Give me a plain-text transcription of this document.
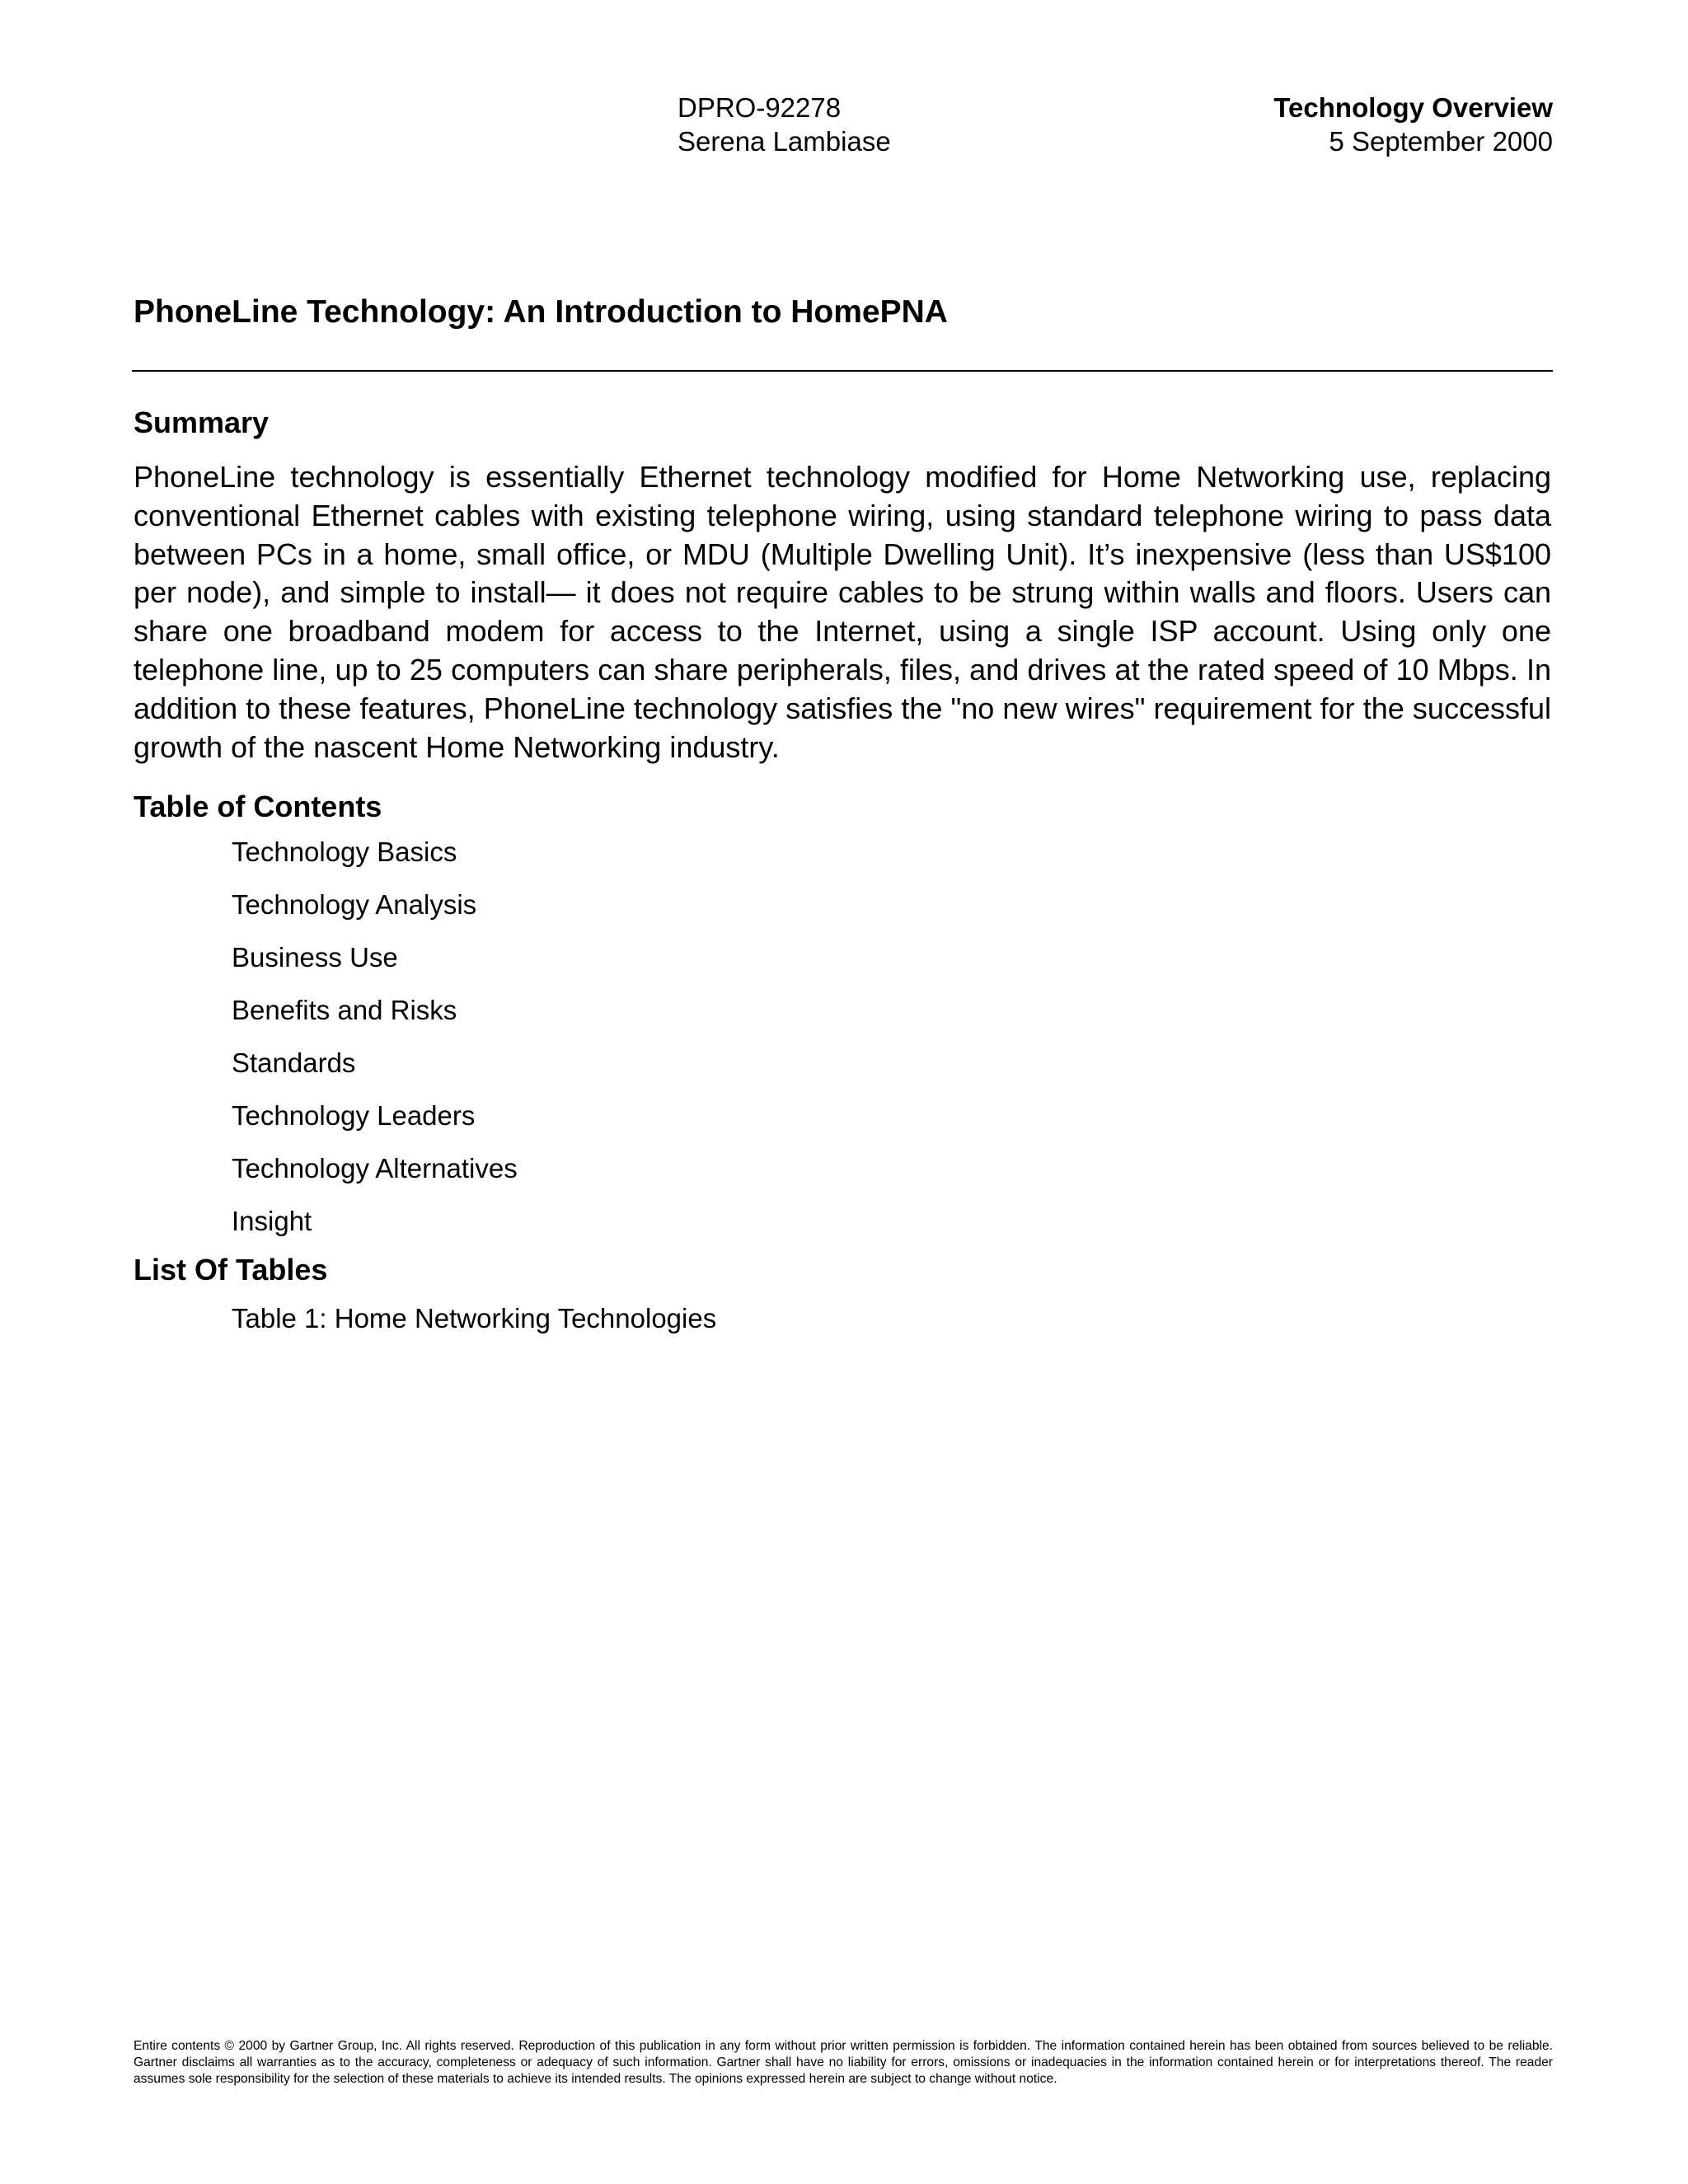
DPRO-92278
Serena Lambiase
Technology Overview
5 September 2000
PhoneLine Technology: An Introduction to HomePNA
Summary

PhoneLine technology is essentially Ethernet technology modified for Home Networking use, replacing conventional Ethernet cables with existing telephone wiring, using standard telephone wiring to pass data between PCs in a home, small office, or MDU (Multiple Dwelling Unit). It’s inexpensive (less than US$100 per node), and simple to install— it does not require cables to be strung within walls and floors. Users can share one broadband modem for access to the Internet, using a single ISP account. Using only one telephone line, up to 25 computers can share peripherals, files, and drives at the rated speed of 10 Mbps. In addition to these features, PhoneLine technology satisfies the "no new wires" requirement for the successful growth of the nascent Home Networking industry.

Table of Contents
Technology Basics
Technology Analysis
Business Use
Benefits and Risks
Standards
Technology Leaders
Technology Alternatives
Insight
List Of Tables
Table 1: Home Networking Technologies
Entire contents © 2000 by Gartner Group, Inc. All rights reserved. Reproduction of this publication in any form without prior written permission is forbidden. The information contained herein has been obtained from sources believed to be reliable. Gartner disclaims all warranties as to the accuracy, completeness or adequacy of such information. Gartner shall have no liability for errors, omissions or inadequacies in the information contained herein or for interpretations thereof. The reader assumes sole responsibility for the selection of these materials to achieve its intended results. The opinions expressed herein are subject to change without notice.
